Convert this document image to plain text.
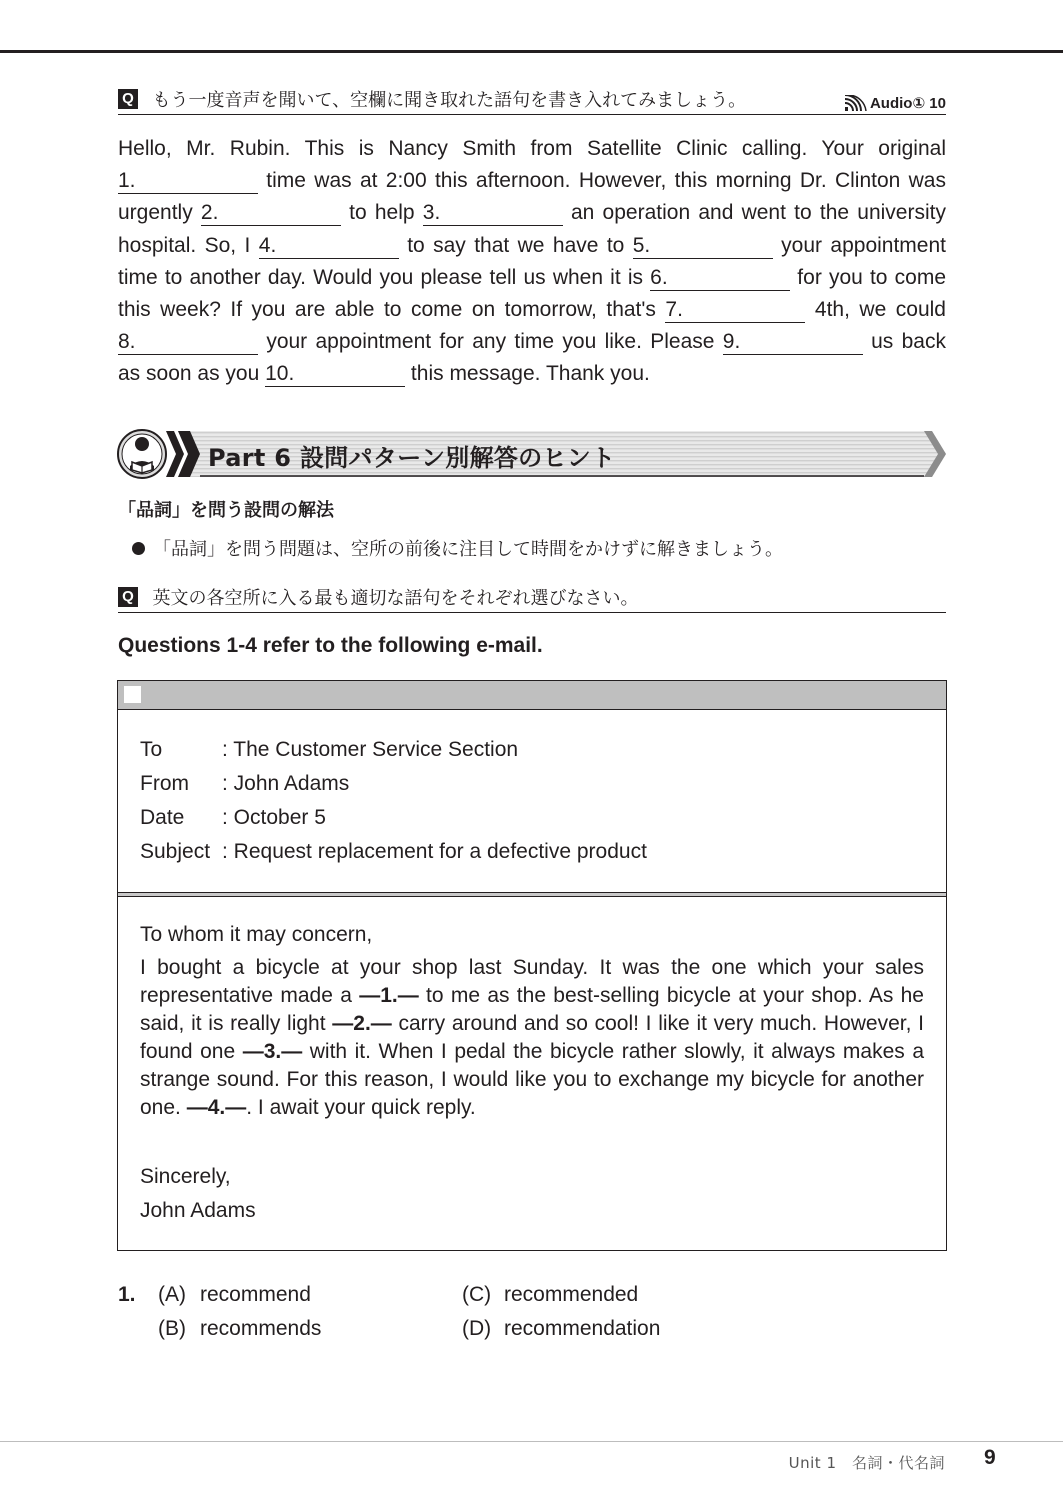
Q もう一度音声を聞いて、空欄に聞き取れた語句を書き入れてみましょう。	Audio① 10
Hello, Mr. Rubin. This is Nancy Smith from Satellite Clinic calling. Your original 1.	time was at 2:00 this afternoon. However, this morning Dr. Clinton was urgently 2.	to help 3.	an operation and went to the university hospital. So, I 4.	to say that we have to 5.	your appointment time to another day. Would you please tell us when it is 6.	for you to come this week? If you are able to come on tomorrow, that's 7.	4th, we could 8.	your appointment for any time you like. Please 9.	us back as soon as you 10.	this message. Thank you.
Part 6 設問パターン別解答のヒント
「品詞」を問う設問の解法
「品詞」を問う問題は、空所の前後に注目して時間をかけずに解きましょう。
Q 英文の各空所に入る最も適切な語句をそれぞれ選びなさい。
Questions 1-4 refer to the following e-mail.
To	: The Customer Service Section
From : John Adams
Date : October 5
Subject : Request replacement for a defective product
To whom it may concern,
I bought a bicycle at your shop last Sunday. It was the one which your sales representative made a —1.— to me as the best-selling bicycle at your shop. As he said, it is really light —2.— carry around and so cool! I like it very much. However, I found one —3.— with it. When I pedal the bicycle rather slowly, it always makes a strange sound. For this reason, I would like you to exchange my bicycle for another one. —4.—. I await your quick reply.
Sincerely,
John Adams
1. (A) recommend	(C) recommended
(B) recommends	(D) recommendation
Unit 1　名詞・代名詞 9
